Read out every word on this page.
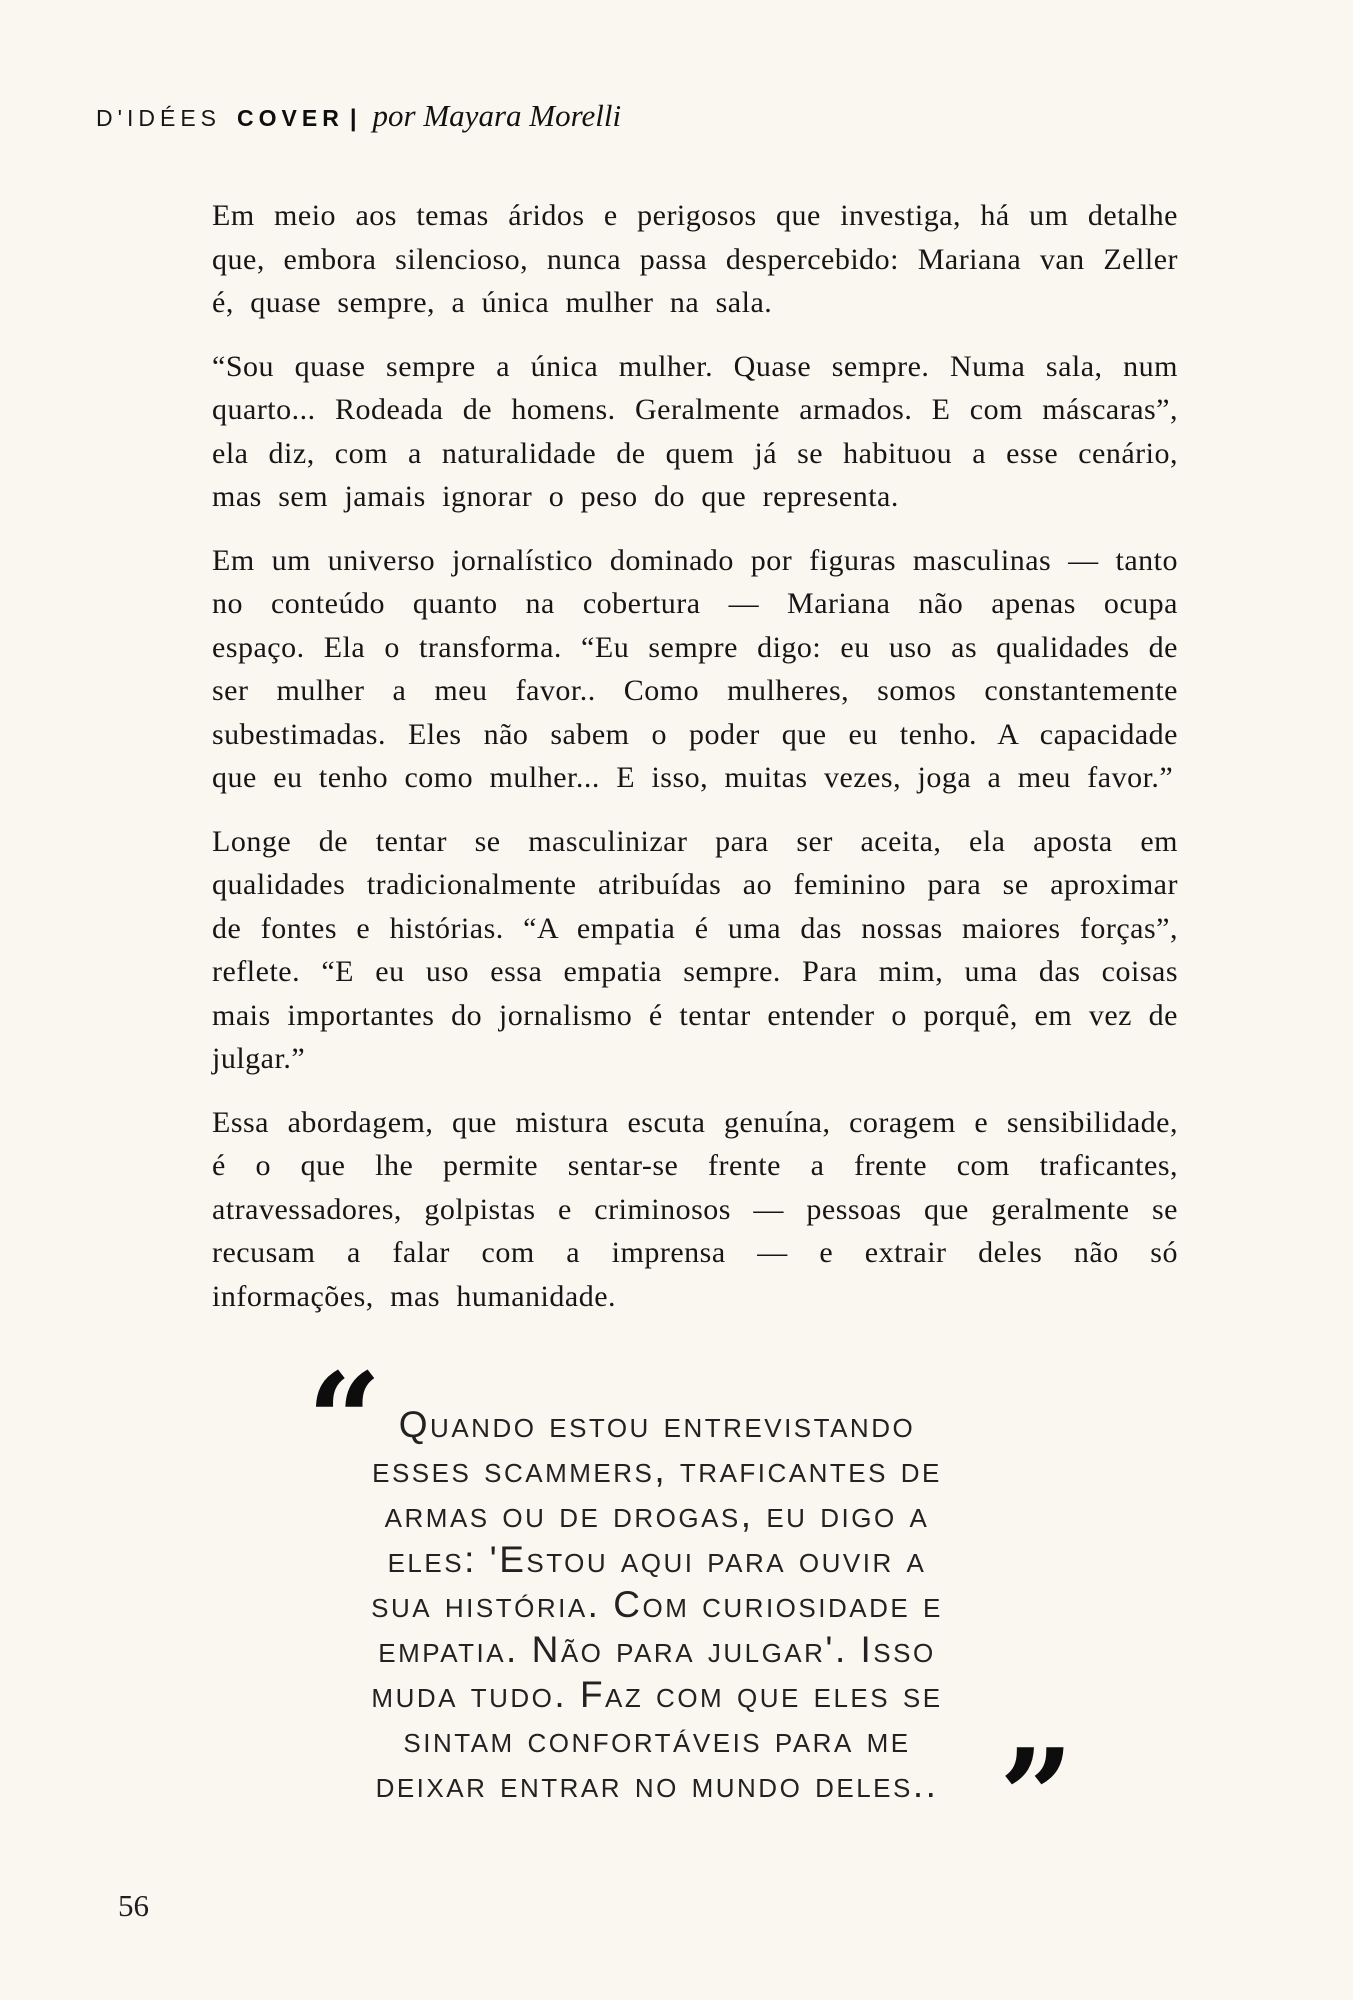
D'IDÉES COVER | por Mayara Morelli

Em meio aos temas áridos e perigosos que investiga, há um detalhe que, embora silencioso, nunca passa despercebido: Mariana van Zeller é, quase sempre, a única mulher na sala.

“Sou quase sempre a única mulher. Quase sempre. Numa sala, num quarto... Rodeada de homens. Geralmente armados. E com máscaras”, ela diz, com a naturalidade de quem já se habituou a esse cenário, mas sem jamais ignorar o peso do que representa.

Em um universo jornalístico dominado por figuras masculinas — tanto no conteúdo quanto na cobertura — Mariana não apenas ocupa espaço. Ela o transforma. “Eu sempre digo: eu uso as qualidades de ser mulher a meu favor.. Como mulheres, somos constantemente subestimadas. Eles não sabem o poder que eu tenho. A capacidade que eu tenho como mulher... E isso, muitas vezes, joga a meu favor.”

Longe de tentar se masculinizar para ser aceita, ela aposta em qualidades tradicionalmente atribuídas ao feminino para se aproximar de fontes e histórias. “A empatia é uma das nossas maiores forças”, reflete. “E eu uso essa empatia sempre. Para mim, uma das coisas mais importantes do jornalismo é tentar entender o porquê, em vez de julgar.”

Essa abordagem, que mistura escuta genuína, coragem e sensibilidade, é o que lhe permite sentar-se frente a frente com traficantes, atravessadores, golpistas e criminosos — pessoas que geralmente se recusam a falar com a imprensa — e extrair deles não só informações, mas humanidade.

“ Quando estou entrevistando
esses scammers, traficantes de
armas ou de drogas, eu digo a
eles: 'Estou aqui para ouvir a
sua história. Com curiosidade e
empatia. Não para julgar'. Isso
muda tudo. Faz com que eles se
sintam confortáveis para me
deixar entrar no mundo deles.. ”
56
